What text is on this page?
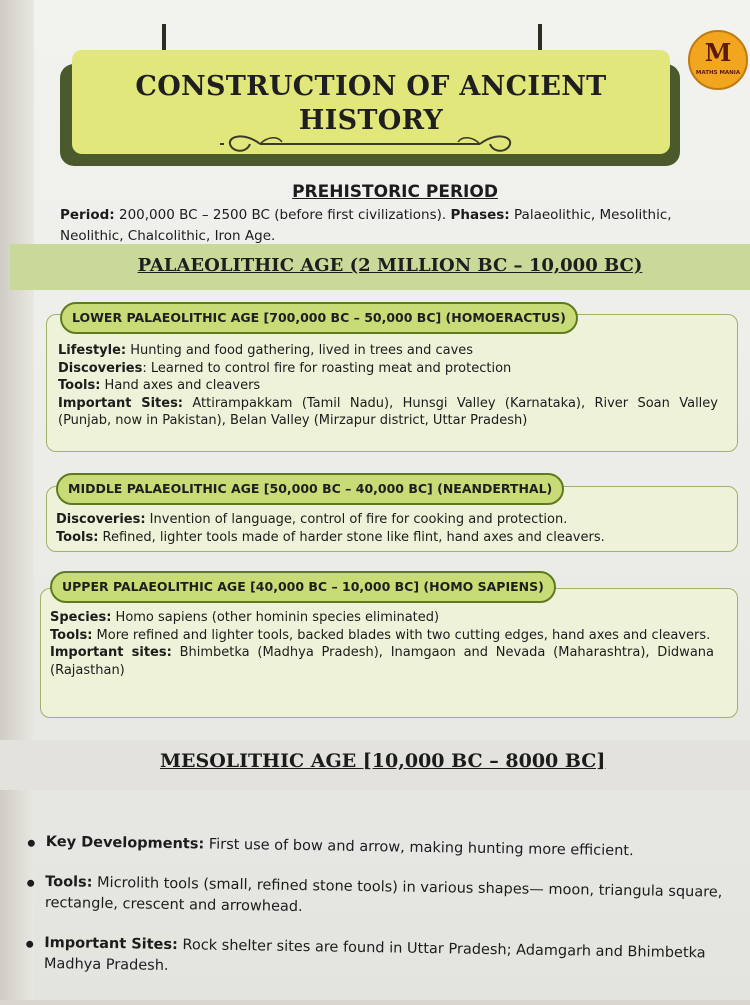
CONSTRUCTION OF ANCIENT
HISTORY
M
MATHS MANIA
PREHISTORIC PERIOD
Period: 200,000 BC – 2500 BC (before first civilizations). Phases: Palaeolithic, Mesolithic, Neolithic, Chalcolithic, Iron Age.
PALAEOLITHIC AGE (2 MILLION BC – 10,000 BC)
LOWER PALAEOLITHIC AGE [700,000 BC – 50,000 BC] (HOMOERACTUS)

Lifestyle: Hunting and food gathering, lived in trees and caves

Discoveries: Learned to control fire for roasting meat and protection

Tools: Hand axes and cleavers

Important Sites: Attirampakkam (Tamil Nadu), Hunsgi Valley (Karnataka), River Soan Valley (Punjab, now in Pakistan), Belan Valley (Mirzapur district, Uttar Pradesh)

MIDDLE PALAEOLITHIC AGE [50,000 BC – 40,000 BC] (NEANDERTHAL)

Discoveries: Invention of language, control of fire for cooking and protection.

Tools: Refined, lighter tools made of harder stone like flint, hand axes and cleavers.

UPPER PALAEOLITHIC AGE [40,000 BC – 10,000 BC] (HOMO SAPIENS)

Species: Homo sapiens (other hominin species eliminated)

Tools: More refined and lighter tools, backed blades with two cutting edges, hand axes and cleavers.

Important sites: Bhimbetka (Madhya Pradesh), Inamgaon and Nevada (Maharashtra), Didwana (Rajasthan)

MESOLITHIC AGE [10,000 BC – 8000 BC]
Key Developments: First use of bow and arrow, making hunting more efficient.
Tools: Microlith tools (small, refined stone tools) in various shapes— moon, triangula square, rectangle, crescent and arrowhead.
Important Sites: Rock shelter sites are found in Uttar Pradesh; Adamgarh and Bhimbetka Madhya Pradesh.
